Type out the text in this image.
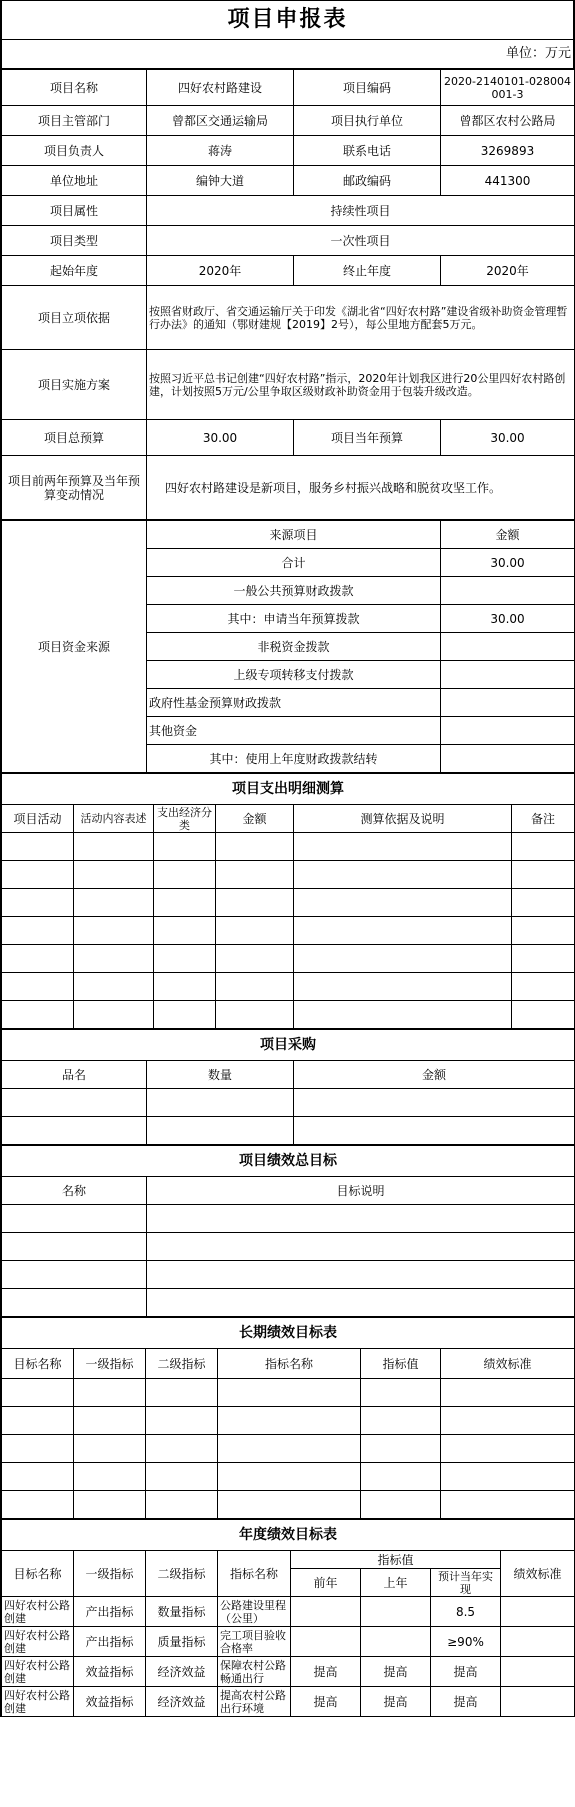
项目申报表
单位：万元
项目名称	四好农村路建设	项目编码	2020-2140101-028004001-3
项目主管部门	曾都区交通运输局	项目执行单位	曾都区农村公路局
项目负责人	蒋涛	联系电话	3269893
单位地址	编钟大道	邮政编码	441300
项目属性	持续性项目		
项目类型	一次性项目		
起始年度	2020年	终止年度	2020年
项目立项依据	按照省财政厅、省交通运输厅关于印发《湖北省“四好农村路”建设省级补助资金管理暂行办法》的通知（鄂财建规【2019】2号），每公里地方配套5万元。		
项目实施方案	按照习近平总书记创建“四好农村路”指示，2020年计划我区进行20公里四好农村路创建，计划按照5万元/公里争取区级财政补助资金用于包装升级改造。		
项目总预算	30.00	项目当年预算	30.00
项目前两年预算及当年预算变动情况	四好农村路建设是新项目，服务乡村振兴战略和脱贫攻坚工作。		
项目资金来源	来源项目	金额
	合计	30.00
	一般公共预算财政拨款	
	其中：申请当年预算拨款	30.00
	非税资金拨款	
	上级专项转移支付拨款	
	政府性基金预算财政拨款	
	其他资金	
	其中：使用上年度财政拨款结转	
项目支出明细测算					
项目活动	活动内容表述	支出经济分类	金额	测算依据及说明	备注

项目采购		
品名	数量	金额

项目绩效总目标	
名称	目标说明

长期绩效目标表					
目标名称	一级指标	二级指标	指标名称	指标值	绩效标准

年度绩效目标表							
目标名称	一级指标	二级指标	指标名称	指标值			绩效标准
				前年	上年	预计当年实现	
四好农村公路创建	产出指标	数量指标	公路建设里程（公里）			8.5	
四好农村公路创建	产出指标	质量指标	完工项目验收合格率			≥90%	
四好农村公路创建	效益指标	经济效益	保障农村公路畅通出行	提高	提高	提高	
四好农村公路创建	效益指标	经济效益	提高农村公路出行环境	提高	提高	提高	
